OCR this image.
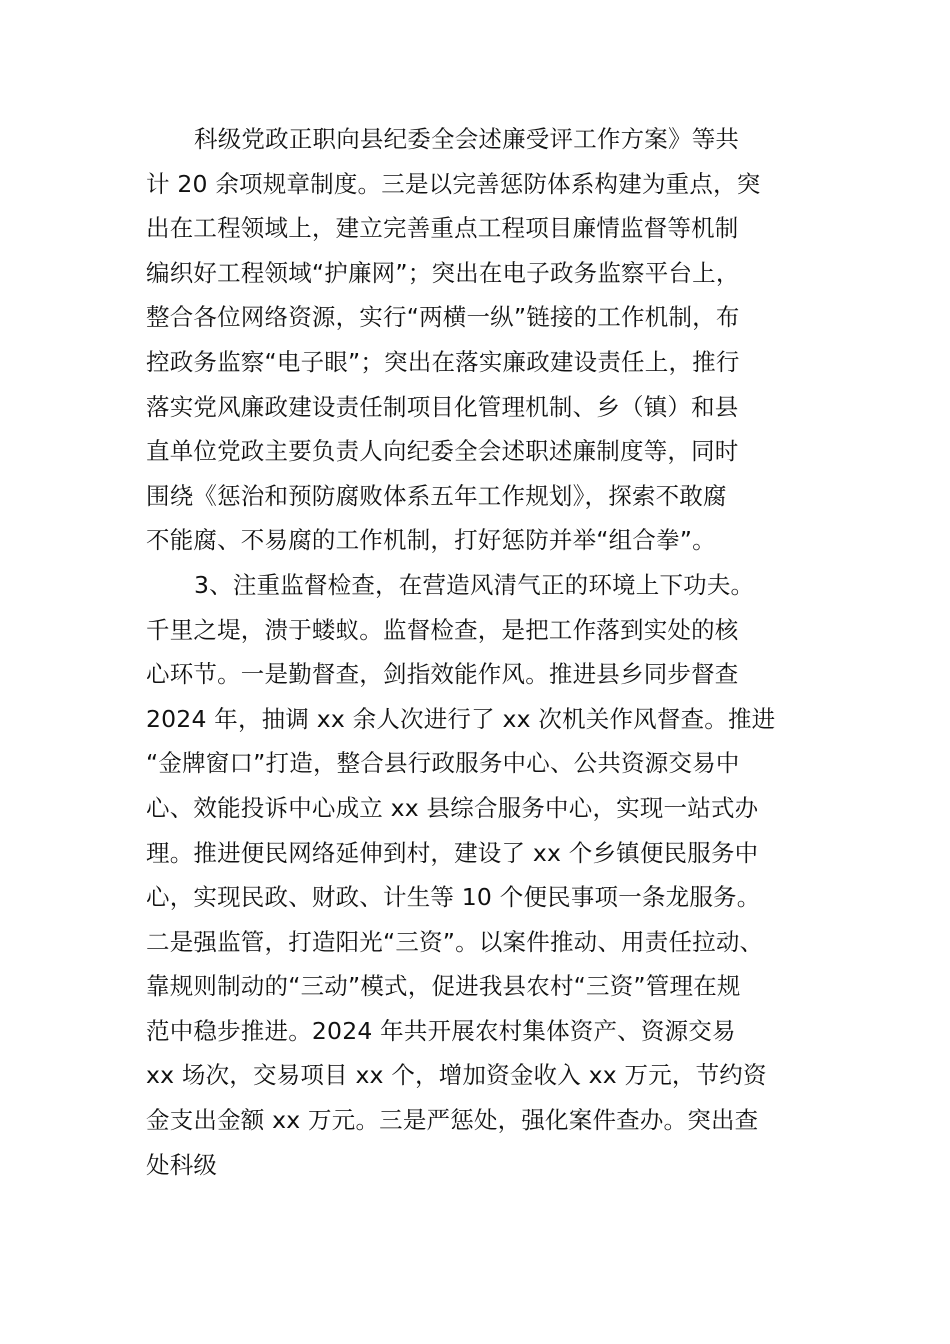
科级党政正职向县纪委全会述廉受评工作方案》等共
计 20 余项规章制度。三是以完善惩防体系构建为重点，突
出在工程领域上，建立完善重点工程项目廉情监督等机制
编织好工程领域“护廉网”；突出在电子政务监察平台上，
整合各位网络资源，实行“两横一纵”链接的工作机制，布
控政务监察“电子眼”；突出在落实廉政建设责任上，推行
落实党风廉政建设责任制项目化管理机制、乡（镇）和县
直单位党政主要负责人向纪委全会述职述廉制度等，同时
围绕《惩治和预防腐败体系五年工作规划》，探索不敢腐
不能腐、不易腐的工作机制，打好惩防并举“组合拳”。
3、注重监督检查，在营造风清气正的环境上下功夫。
千里之堤，溃于蝼蚁。监督检查，是把工作落到实处的核
心环节。一是勤督查，剑指效能作风。推进县乡同步督查
2024 年，抽调 xx 余人次进行了 xx 次机关作风督查。推进
“金牌窗口”打造，整合县行政服务中心、公共资源交易中
心、效能投诉中心成立 xx 县综合服务中心，实现一站式办
理。推进便民网络延伸到村，建设了 xx 个乡镇便民服务中
心，实现民政、财政、计生等 10 个便民事项一条龙服务。
二是强监管，打造阳光“三资”。以案件推动、用责任拉动、
靠规则制动的“三动”模式，促进我县农村“三资”管理在规
范中稳步推进。2024 年共开展农村集体资产、资源交易
xx 场次，交易项目 xx 个，增加资金收入 xx 万元，节约资
金支出金额 xx 万元。三是严惩处，强化案件查办。突出查
处科级
